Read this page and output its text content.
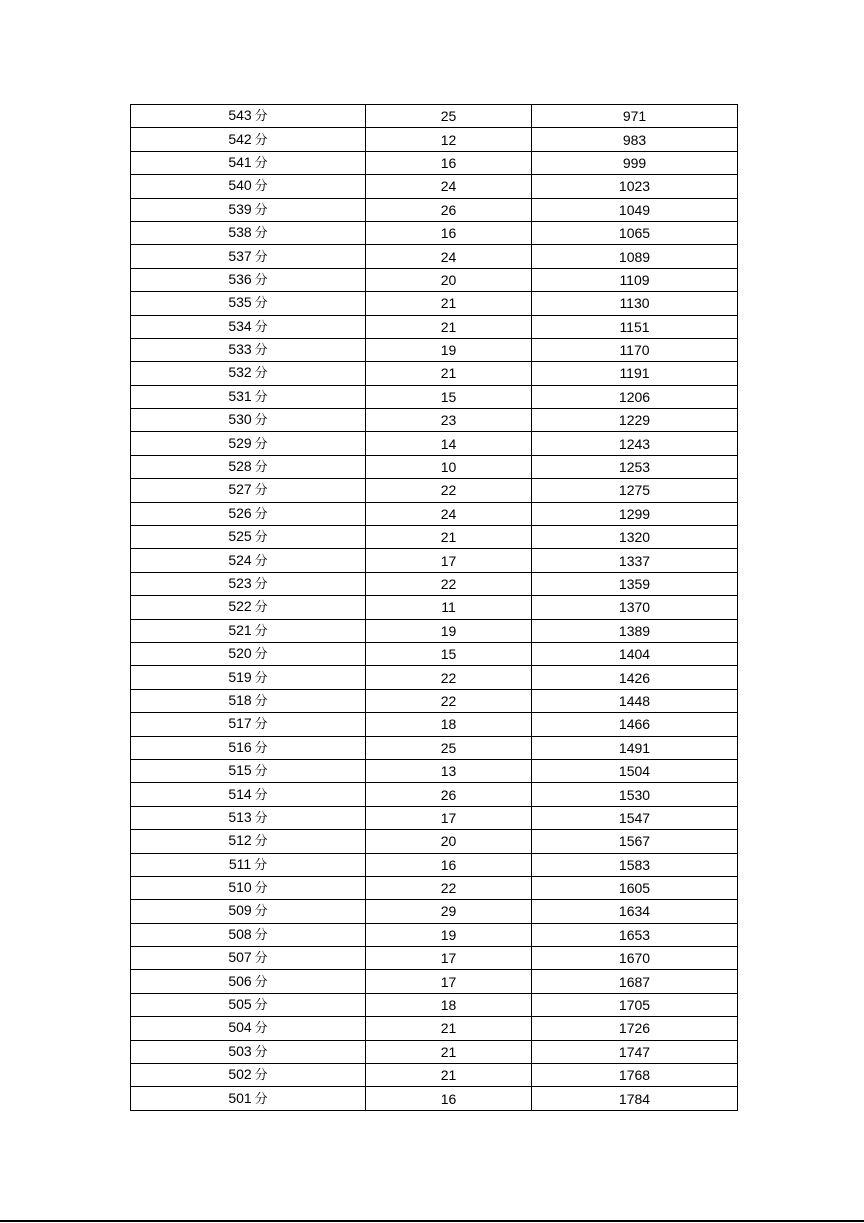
543 分	25	971
542 分	12	983
541 分	16	999
540 分	24	1023
539 分	26	1049
538 分	16	1065
537 分	24	1089
536 分	20	1109
535 分	21	1130
534 分	21	1151
533 分	19	1170
532 分	21	1191
531 分	15	1206
530 分	23	1229
529 分	14	1243
528 分	10	1253
527 分	22	1275
526 分	24	1299
525 分	21	1320
524 分	17	1337
523 分	22	1359
522 分	11	1370
521 分	19	1389
520 分	15	1404
519 分	22	1426
518 分	22	1448
517 分	18	1466
516 分	25	1491
515 分	13	1504
514 分	26	1530
513 分	17	1547
512 分	20	1567
511 分	16	1583
510 分	22	1605
509 分	29	1634
508 分	19	1653
507 分	17	1670
506 分	17	1687
505 分	18	1705
504 分	21	1726
503 分	21	1747
502 分	21	1768
501 分	16	1784
